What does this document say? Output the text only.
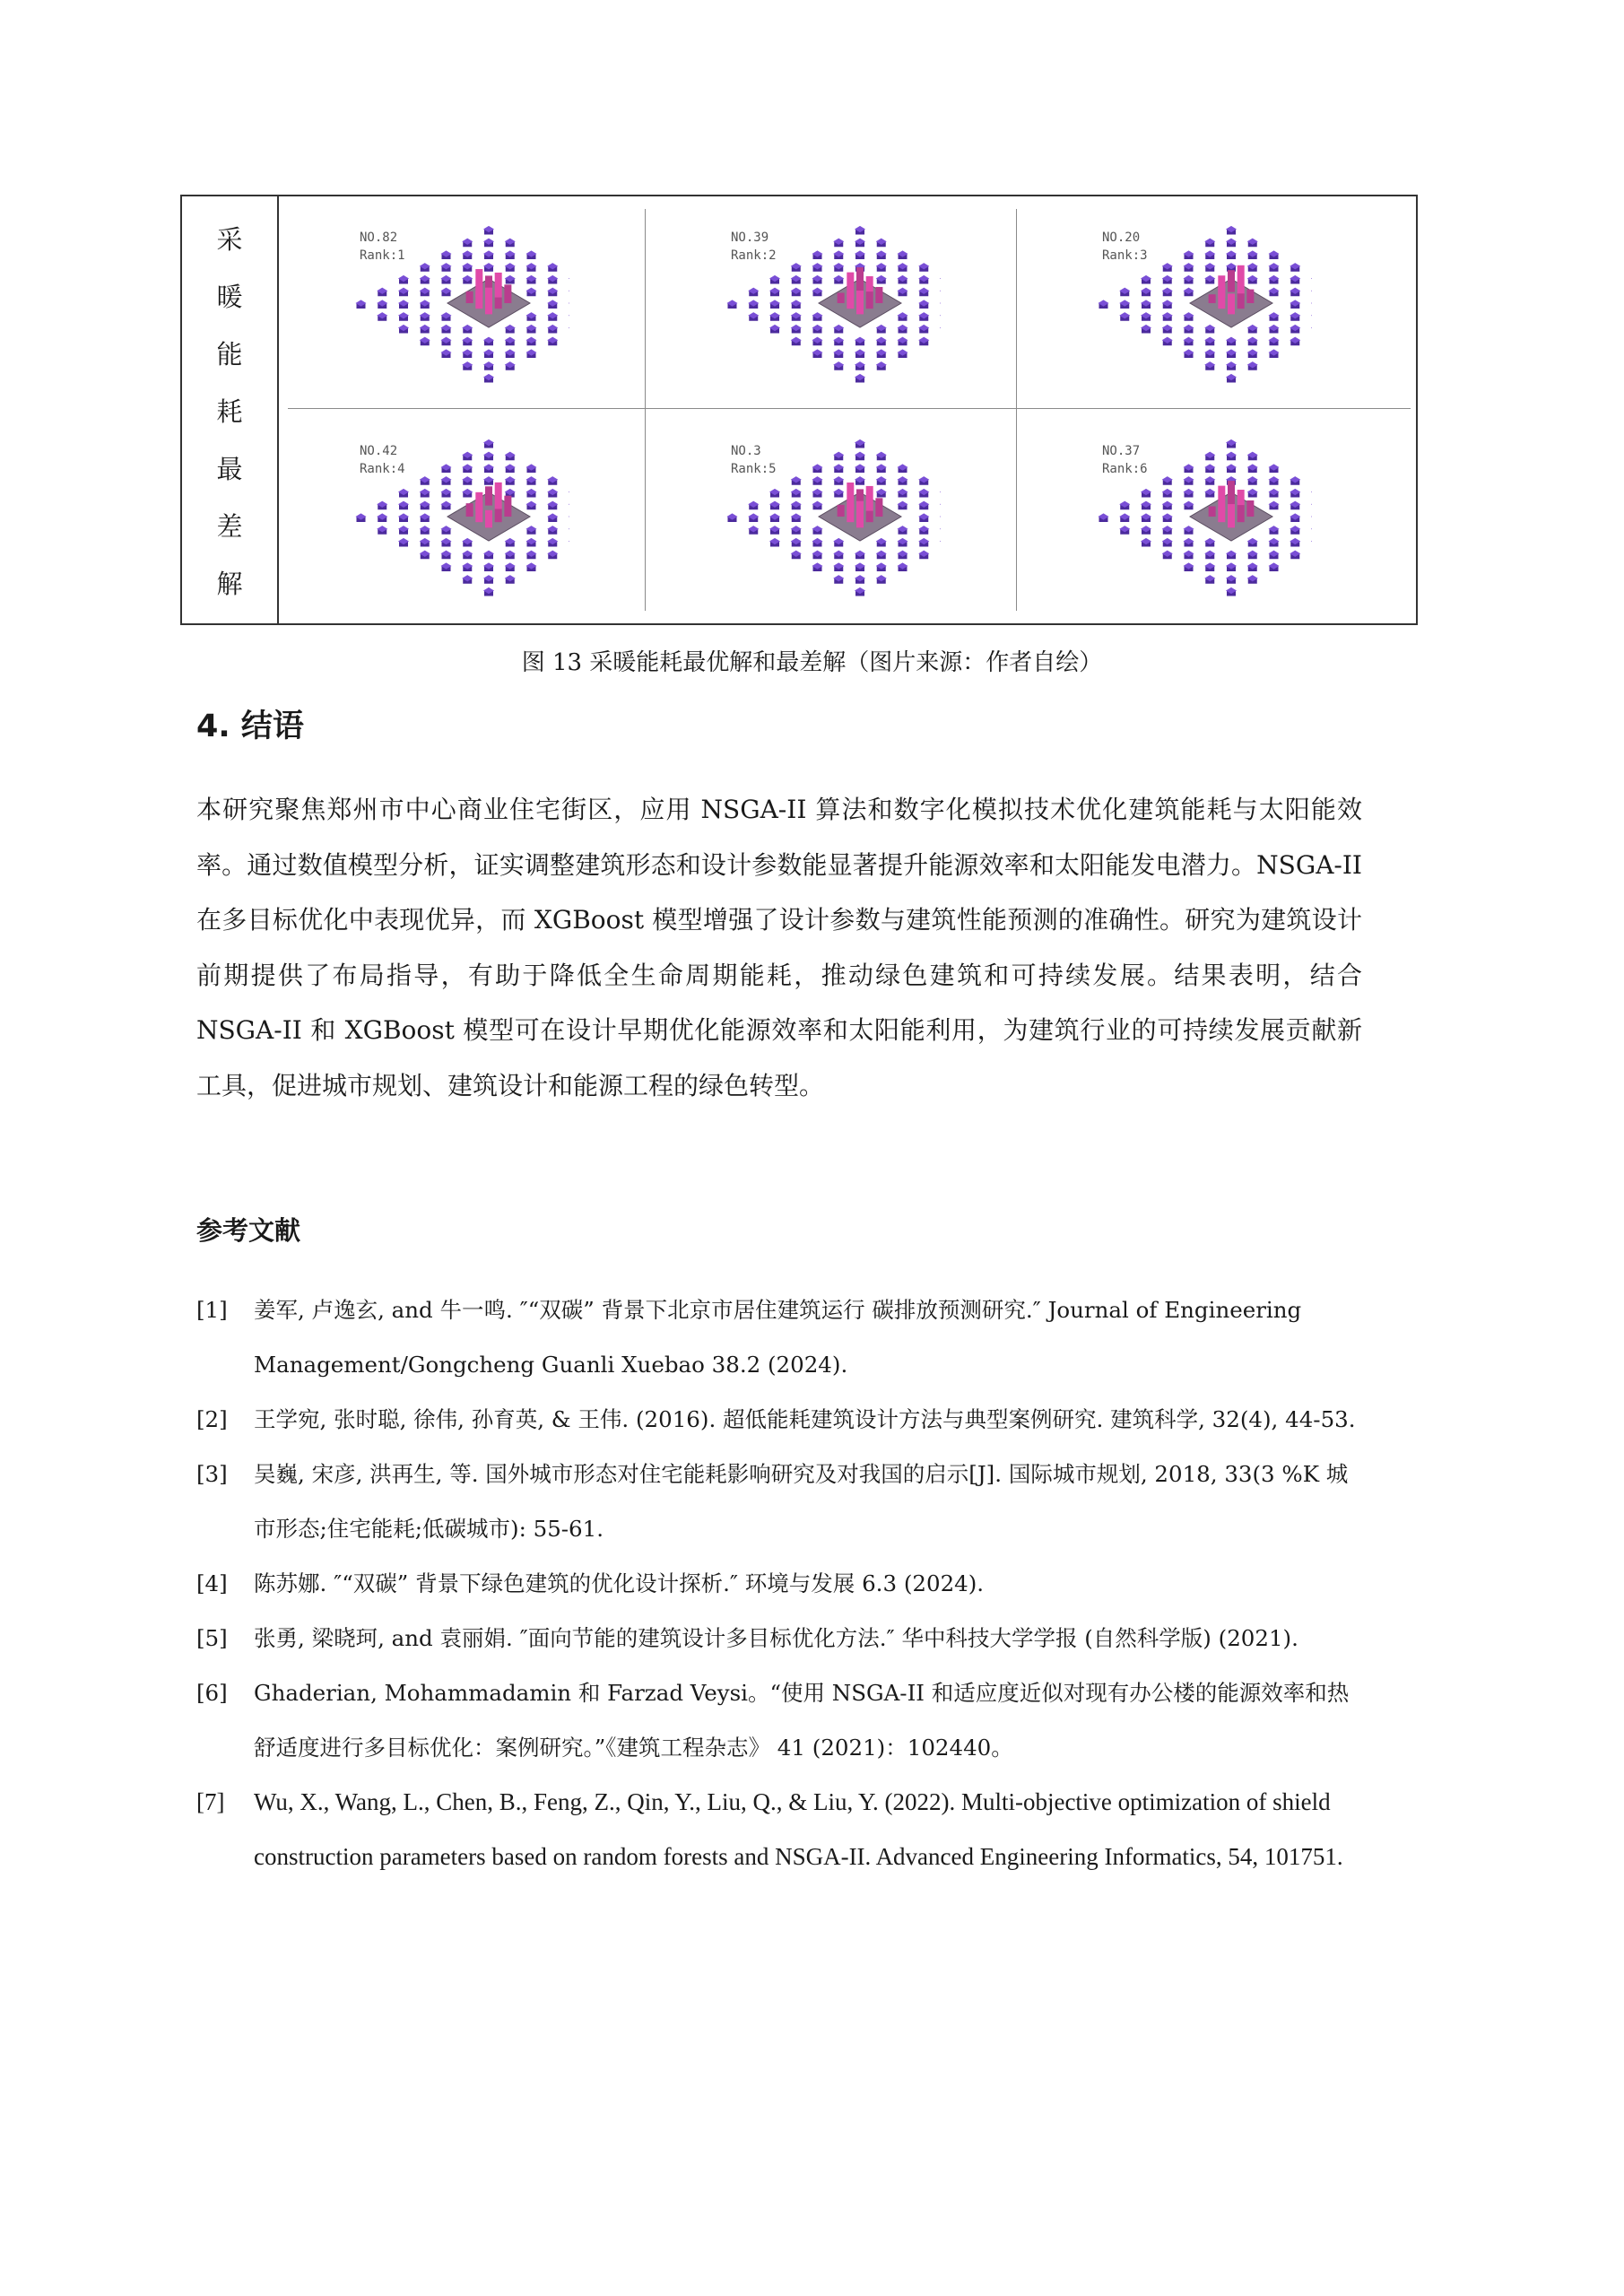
采
暖
能
耗
最
差
解
NO.82
Rank:1
NO.39
Rank:2
NO.20
Rank:3
NO.42
Rank:4
NO.3
Rank:5
NO.37
Rank:6
图 13 采暖能耗最优解和最差解（图片来源：作者自绘）
4. 结语
本研究聚焦郑州市中心商业住宅街区，应用 NSGA-II 算法和数字化模拟技术优化建筑能耗与太阳能效率。通过数值模型分析，证实调整建筑形态和设计参数能显著提升能源效率和太阳能发电潜力。NSGA-II 在多目标优化中表现优异，而 XGBoost 模型增强了设计参数与建筑性能预测的准确性。研究为建筑设计前期提供了布局指导，有助于降低全生命周期能耗，推动绿色建筑和可持续发展。结果表明，结合 NSGA-II 和 XGBoost 模型可在设计早期优化能源效率和太阳能利用，为建筑行业的可持续发展贡献新工具，促进城市规划、建筑设计和能源工程的绿色转型。
参考文献
[1] 姜军, 卢逸玄, and 牛一鸣. ″“双碳” 背景下北京市居住建筑运行 碳排放预测研究.″ Journal of Engineering Management/Gongcheng Guanli Xuebao 38.2 (2024).
[2] 王学宛, 张时聪, 徐伟, 孙育英, & 王伟. (2016). 超低能耗建筑设计方法与典型案例研究. 建筑科学, 32(4), 44-53.
[3] 吴巍, 宋彦, 洪再生, 等. 国外城市形态对住宅能耗影响研究及对我国的启示[J]. 国际城市规划, 2018, 33(3 %K 城市形态;住宅能耗;低碳城市): 55-61.
[4] 陈苏娜. ″“双碳” 背景下绿色建筑的优化设计探析.″ 环境与发展 6.3 (2024).
[5] 张勇, 梁晓珂, and 袁丽娟. ″面向节能的建筑设计多目标优化方法.″ 华中科技大学学报 (自然科学版) (2021).
[6] Ghaderian, Mohammadamin 和 Farzad Veysi。“使用 NSGA-II 和适应度近似对现有办公楼的能源效率和热舒适度进行多目标优化：案例研究。”《建筑工程杂志》 41 (2021)：102440。
[7] Wu, X., Wang, L., Chen, B., Feng, Z., Qin, Y., Liu, Q., & Liu, Y. (2022). Multi-objective optimization of shield construction parameters based on random forests and NSGA-II. Advanced Engineering Informatics, 54, 101751.
